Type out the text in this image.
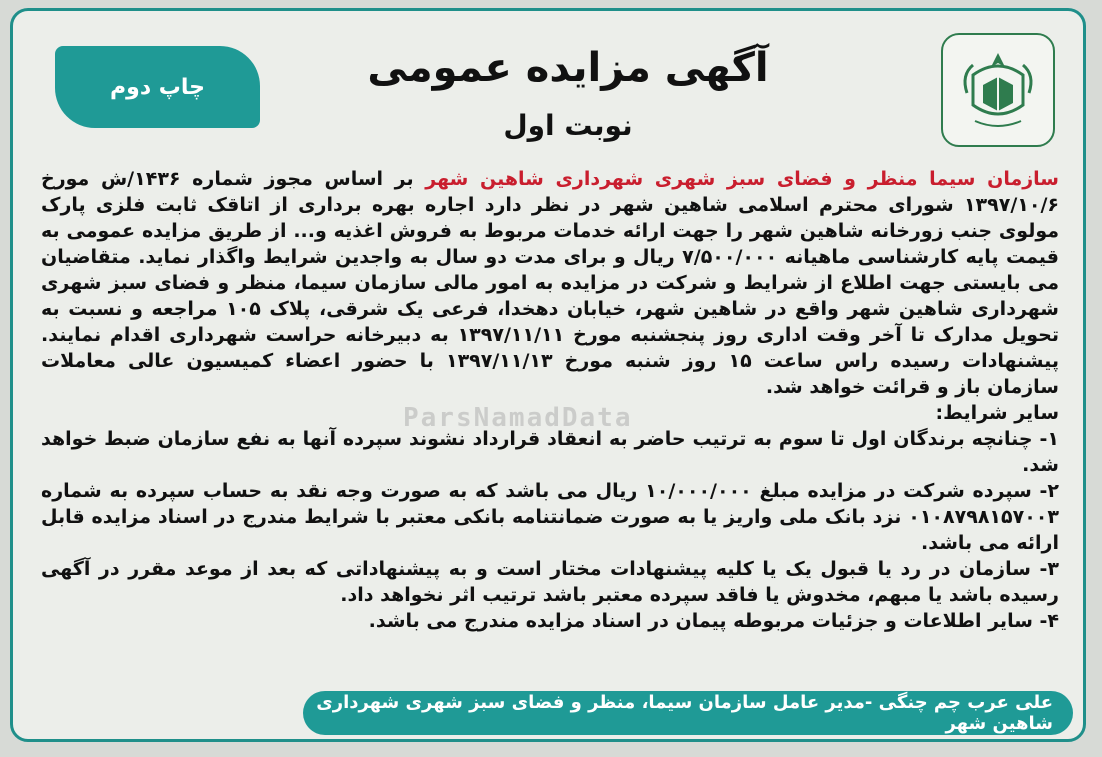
آگهی مزایده عمومی
نوبت اول
چاپ دوم

سازمان سیما منظر و فضای سبز شهری شهرداری شاهین شهر بر اساس مجوز شماره ۱۴۳۶/ش مورخ ۱۳۹۷/۱۰/۶ شورای محترم اسلامی شاهین شهر در نظر دارد اجاره بهره برداری از اتاقک ثابت فلزی پارک مولوی جنب زورخانه شاهین شهر را جهت ارائه خدمات مربوط به فروش اغذیه و... از طریق مزایده عمومی به قیمت پایه کارشناسی ماهیانه ۷/۵۰۰/۰۰۰ ریال و برای مدت دو سال به واجدین شرایط واگذار نماید. متقاضیان می بایستی جهت اطلاع از شرایط و شرکت در مزایده به امور مالی سازمان سیما، منظر و فضای سبز شهری شهرداری شاهین شهر واقع در شاهین شهر، خیابان دهخدا، فرعی یک شرقی، پلاک ۱۰۵ مراجعه و نسبت به تحویل مدارک تا آخر وقت اداری روز پنجشنبه مورخ ۱۳۹۷/۱۱/۱۱ به دبیرخانه حراست شهرداری اقدام نمایند. پیشنهادات رسیده راس ساعت ۱۵ روز شنبه مورخ ۱۳۹۷/۱۱/۱۳ با حضور اعضاء کمیسیون عالی معاملات سازمان باز و قرائت خواهد شد.

سایر شرایط:

۱- چنانچه برندگان اول تا سوم به ترتیب حاضر به انعقاد قرارداد نشوند سپرده آنها به نفع سازمان ضبط خواهد شد.

۲- سپرده شرکت در مزایده مبلغ ۱۰/۰۰۰/۰۰۰ ریال می باشد که به صورت وجه نقد به حساب سپرده به شماره ۰۱۰۸۷۹۸۱۵۷۰۰۳ نزد بانک ملی واریز یا به صورت ضمانتنامه بانکی معتبر با شرایط مندرج در اسناد مزایده قابل ارائه می باشد.

۳- سازمان در رد یا قبول یک یا کلیه پیشنهادات مختار است و به پیشنهاداتی که بعد از موعد مقرر در آگهی رسیده باشد یا مبهم، مخدوش یا فاقد سپرده معتبر باشد ترتیب اثر نخواهد داد.

۴- سایر اطلاعات و جزئیات مربوطه پیمان در اسناد مزایده مندرج می باشد.

ParsNamadData
علی عرب چم چنگی -مدیر عامل سازمان سیما، منظر و فضای سبز شهری شهرداری شاهین شهر
